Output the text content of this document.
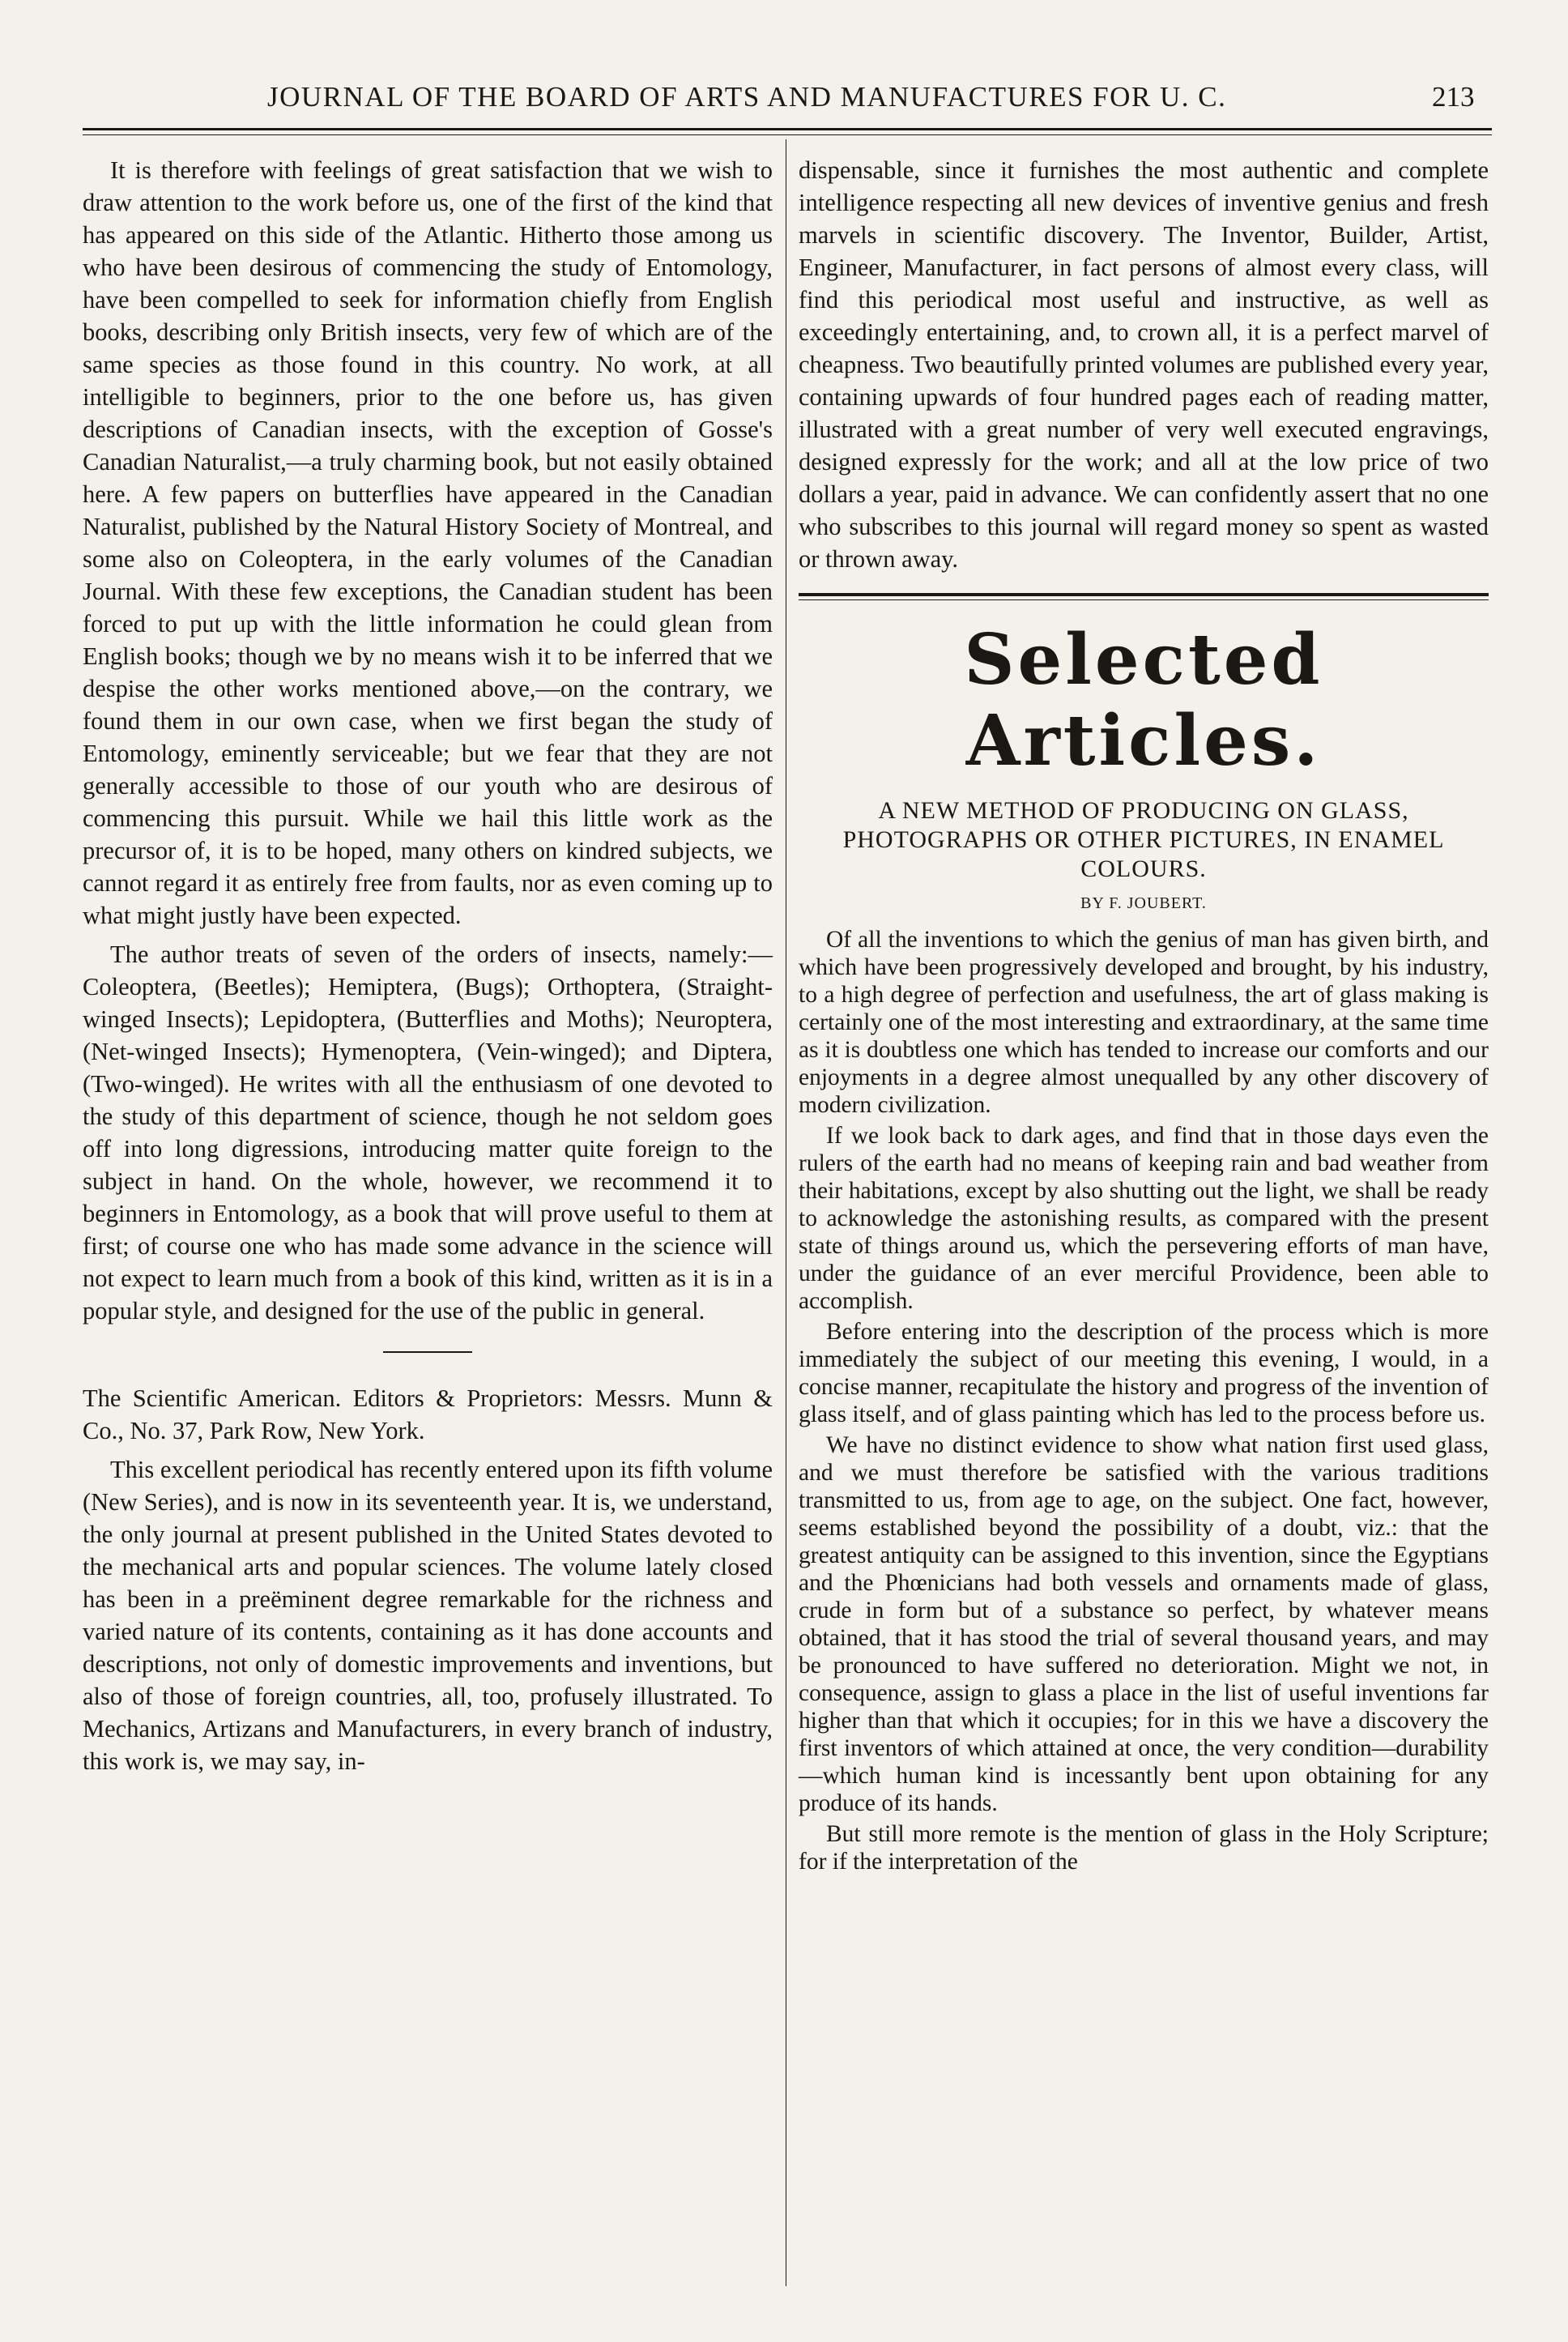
JOURNAL OF THE BOARD OF ARTS AND MANUFACTURES FOR U. C.	213

It is therefore with feelings of great satisfaction that we wish to draw attention to the work before us, one of the first of the kind that has appeared on this side of the Atlantic. Hitherto those among us who have been desirous of commencing the study of Entomology, have been compelled to seek for information chiefly from English books, describing only British insects, very few of which are of the same species as those found in this country. No work, at all intelligible to beginners, prior to the one before us, has given descriptions of Canadian insects, with the exception of Gosse's Canadian Naturalist,—a truly charming book, but not easily obtained here. A few papers on butterflies have appeared in the Canadian Naturalist, published by the Natural History Society of Montreal, and some also on Coleoptera, in the early volumes of the Canadian Journal. With these few exceptions, the Canadian student has been forced to put up with the little information he could glean from English books; though we by no means wish it to be inferred that we despise the other works mentioned above,—on the contrary, we found them in our own case, when we first began the study of Entomology, eminently serviceable; but we fear that they are not generally accessible to those of our youth who are desirous of commencing this pursuit. While we hail this little work as the precursor of, it is to be hoped, many others on kindred subjects, we cannot regard it as entirely free from faults, nor as even coming up to what might justly have been expected.

The author treats of seven of the orders of insects, namely:—Coleoptera, (Beetles); Hemiptera, (Bugs); Orthoptera, (Straight-winged Insects); Lepidoptera, (Butterflies and Moths); Neuroptera, (Net-winged Insects); Hymenoptera, (Vein-winged); and Diptera, (Two-winged). He writes with all the enthusiasm of one devoted to the study of this department of science, though he not seldom goes off into long digressions, introducing matter quite foreign to the subject in hand. On the whole, however, we recommend it to beginners in Entomology, as a book that will prove useful to them at first; of course one who has made some advance in the science will not expect to learn much from a book of this kind, written as it is in a popular style, and designed for the use of the public in general.

The Scientific American. Editors & Proprietors: Messrs. Munn & Co., No. 37, Park Row, New York.

This excellent periodical has recently entered upon its fifth volume (New Series), and is now in its seventeenth year. It is, we understand, the only journal at present published in the United States devoted to the mechanical arts and popular sciences. The volume lately closed has been in a preëminent degree remarkable for the richness and varied nature of its contents, containing as it has done accounts and descriptions, not only of domestic improvements and inventions, but also of those of foreign countries, all, too, profusely illustrated. To Mechanics, Artizans and Manufacturers, in every branch of industry, this work is, we may say, in-

dispensable, since it furnishes the most authentic and complete intelligence respecting all new devices of inventive genius and fresh marvels in scientific discovery. The Inventor, Builder, Artist, Engineer, Manufacturer, in fact persons of almost every class, will find this periodical most useful and instructive, as well as exceedingly entertaining, and, to crown all, it is a perfect marvel of cheapness. Two beautifully printed volumes are published every year, containing upwards of four hundred pages each of reading matter, illustrated with a great number of very well executed engravings, designed expressly for the work; and all at the low price of two dollars a year, paid in advance. We can confidently assert that no one who subscribes to this journal will regard money so spent as wasted or thrown away.

Selected Articles.
A NEW METHOD OF PRODUCING ON GLASS, PHOTOGRAPHS OR OTHER PICTURES, IN ENAMEL COLOURS.
BY F. JOUBERT.

Of all the inventions to which the genius of man has given birth, and which have been progressively developed and brought, by his industry, to a high degree of perfection and usefulness, the art of glass making is certainly one of the most interesting and extraordinary, at the same time as it is doubtless one which has tended to increase our comforts and our enjoyments in a degree almost unequalled by any other discovery of modern civilization.

If we look back to dark ages, and find that in those days even the rulers of the earth had no means of keeping rain and bad weather from their habitations, except by also shutting out the light, we shall be ready to acknowledge the astonishing results, as compared with the present state of things around us, which the persevering efforts of man have, under the guidance of an ever merciful Providence, been able to accomplish.

Before entering into the description of the process which is more immediately the subject of our meeting this evening, I would, in a concise manner, recapitulate the history and progress of the invention of glass itself, and of glass painting which has led to the process before us.

We have no distinct evidence to show what nation first used glass, and we must therefore be satisfied with the various traditions transmitted to us, from age to age, on the subject. One fact, however, seems established beyond the possibility of a doubt, viz.: that the greatest antiquity can be assigned to this invention, since the Egyptians and the Phœnicians had both vessels and ornaments made of glass, crude in form but of a substance so perfect, by whatever means obtained, that it has stood the trial of several thousand years, and may be pronounced to have suffered no deterioration. Might we not, in consequence, assign to glass a place in the list of useful inventions far higher than that which it occupies; for in this we have a discovery the first inventors of which attained at once, the very condition—durability—which human kind is incessantly bent upon obtaining for any produce of its hands.

But still more remote is the mention of glass in the Holy Scripture; for if the interpretation of the
